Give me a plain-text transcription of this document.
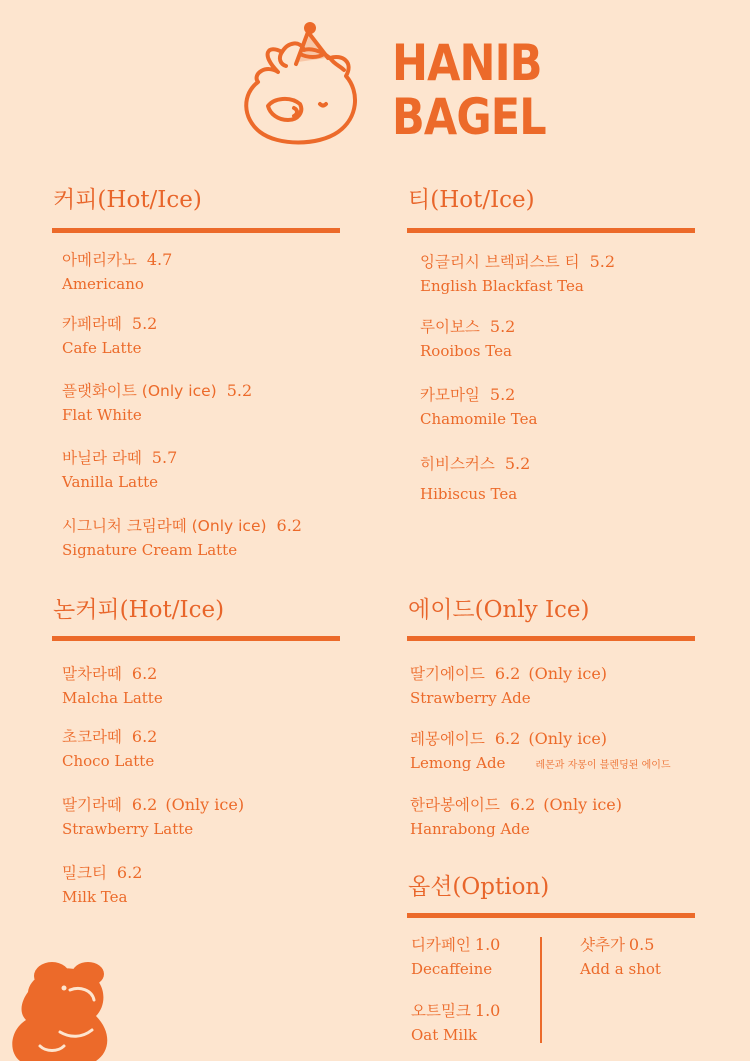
HANIB
BAGEL
커피(Hot/Ice)
아메리카노 4.7
Americano
카페라떼 5.2
Cafe Latte
플랫화이트 (Only ice) 5.2
Flat White
바닐라 라떼 5.7
Vanilla Latte
시그니처 크림라떼 (Only ice) 6.2
Signature Cream Latte
티(Hot/Ice)
잉글리시 브렉퍼스트 티 5.2
English Blackfast Tea
루이보스 5.2
Rooibos Tea
카모마일 5.2
Chamomile Tea
히비스커스 5.2
Hibiscus Tea
논커피(Hot/Ice)
말차라떼 6.2
Malcha Latte
초코라떼 6.2
Choco Latte
딸기라떼 6.2 (Only ice)
Strawberry Latte
밀크티 6.2
Milk Tea
에이드(Only Ice)
딸기에이드 6.2 (Only ice)
Strawberry Ade
레몽에이드 6.2 (Only ice)
Lemong Ade	레몬과 자몽이 블렌딩된 에이드
한라봉에이드 6.2 (Only ice)
Hanrabong Ade
옵션(Option)
디카페인 1.0
Decaffeine
오트밀크 1.0
Oat Milk
샷추가 0.5
Add a shot
